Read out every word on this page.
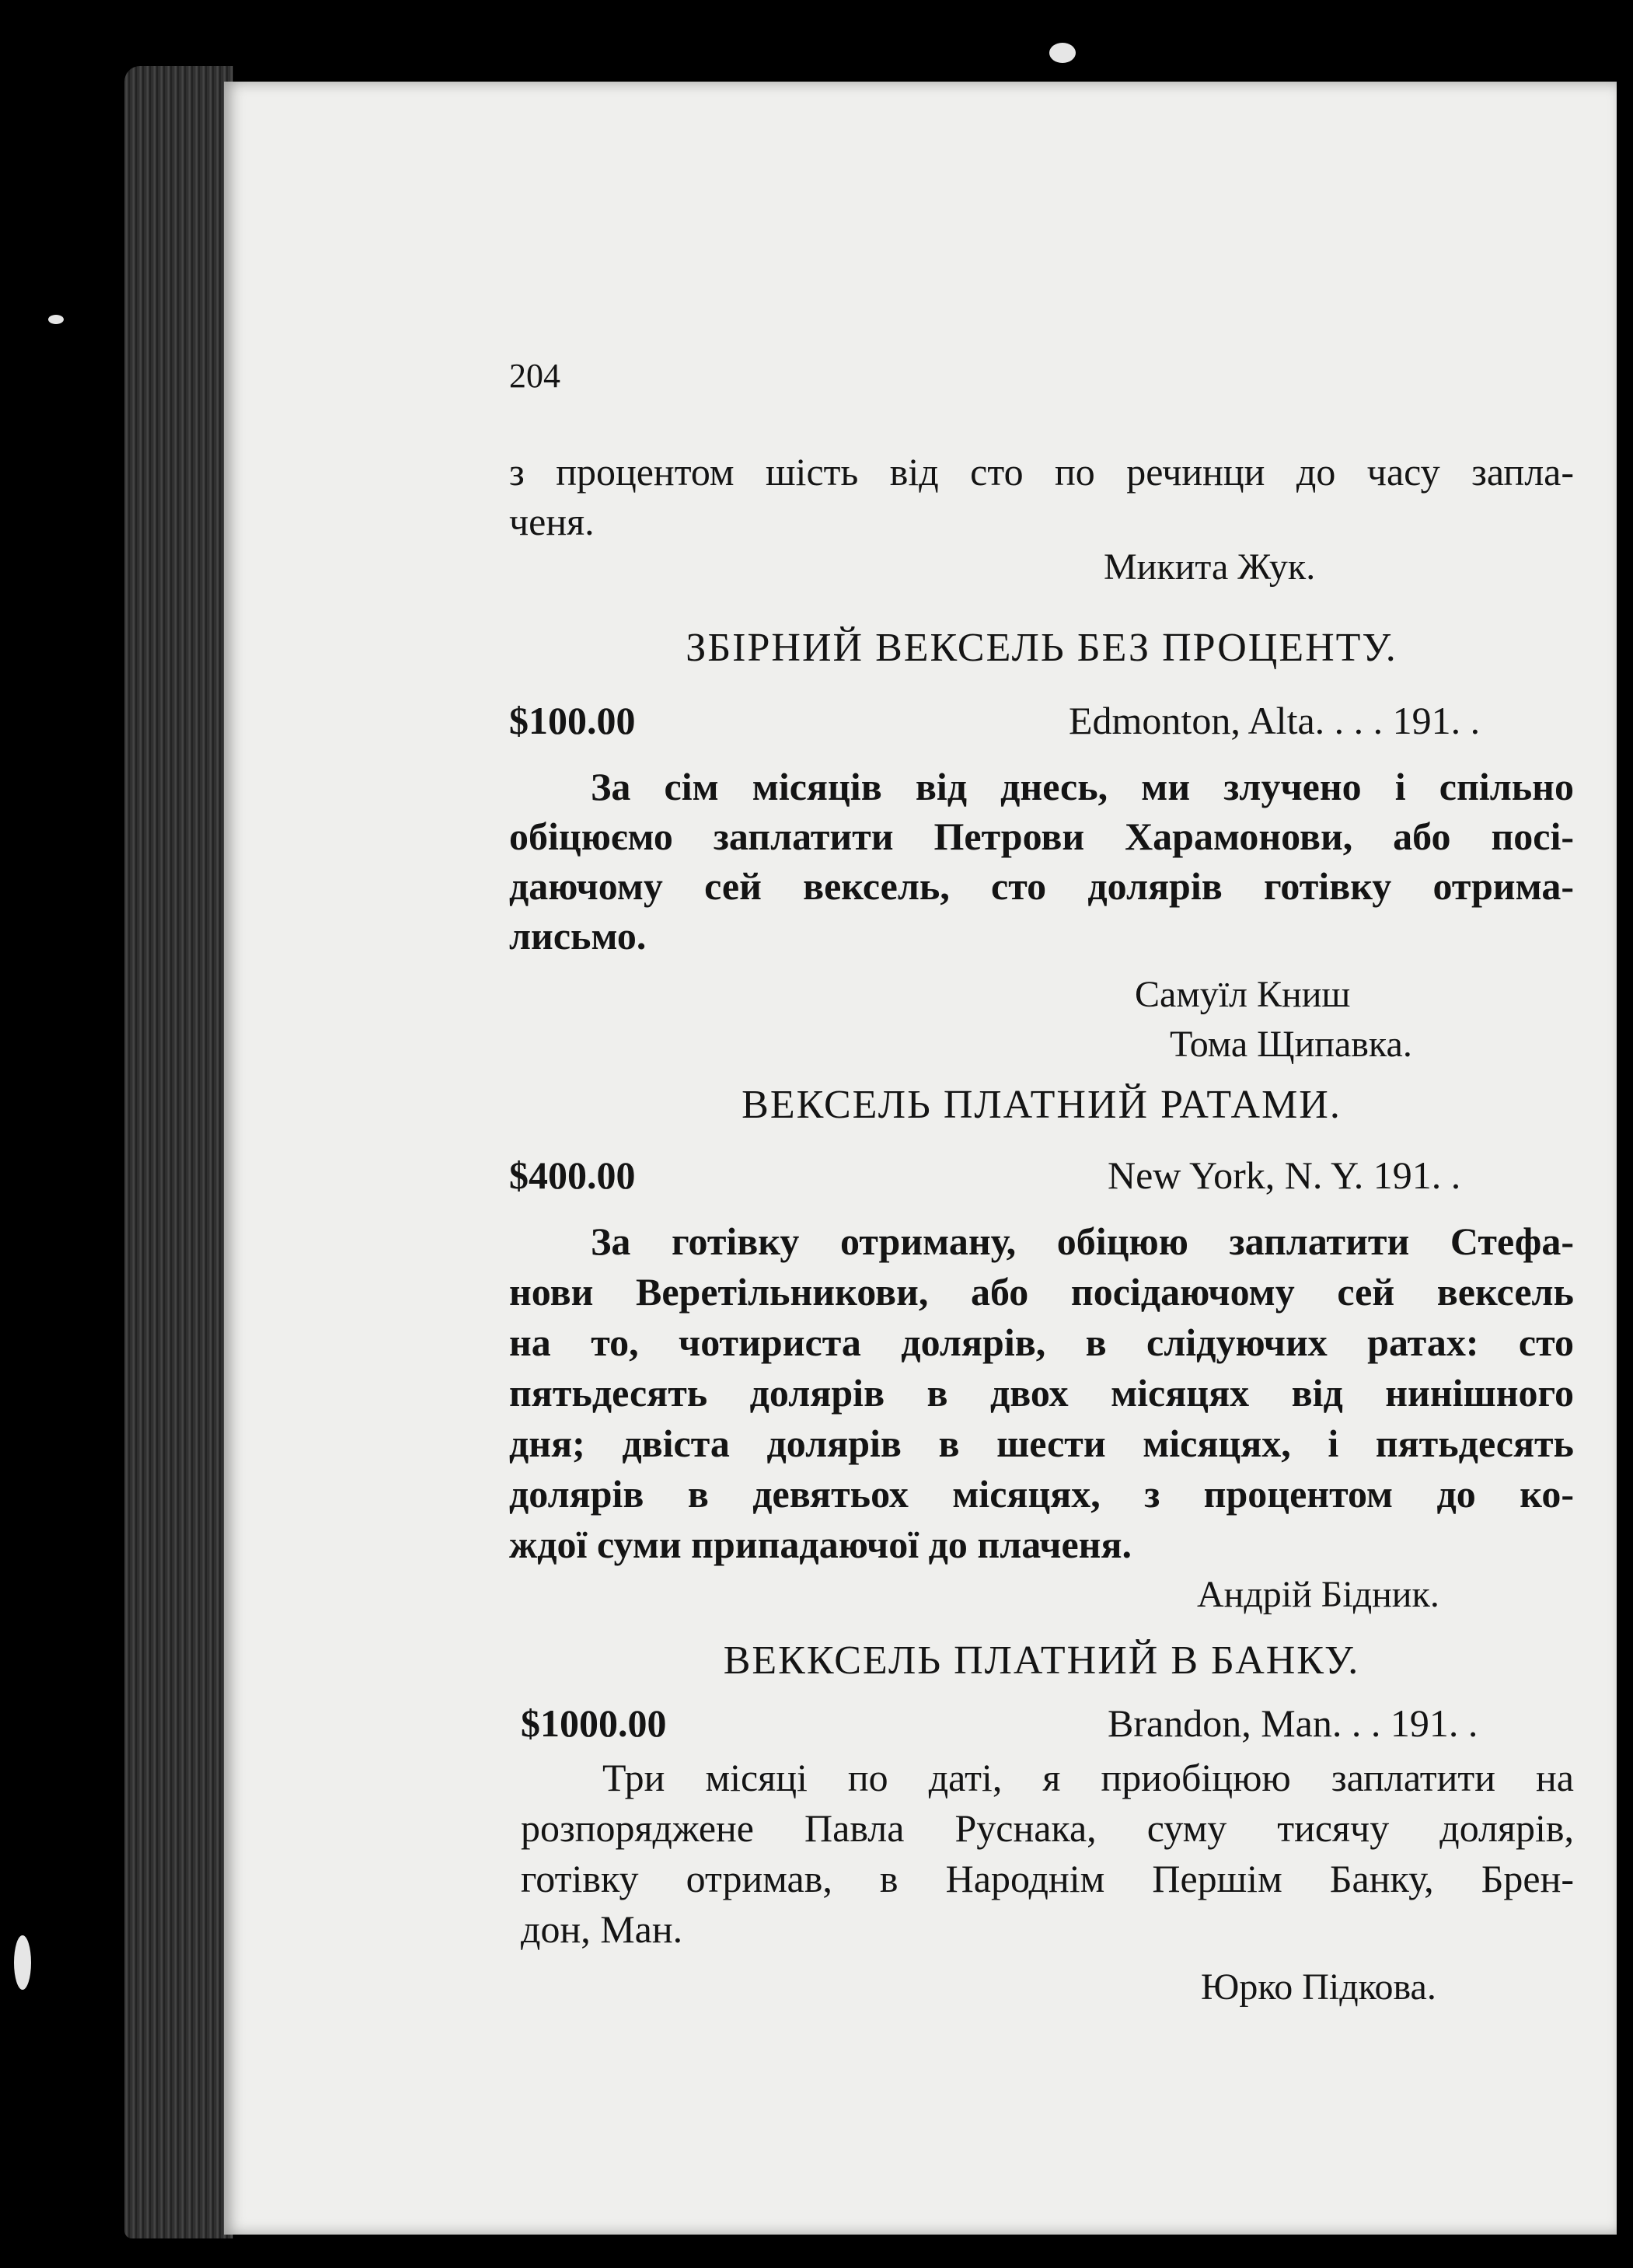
204
з процентом шість від сто по речинци до часу запла-
ченя.
Микита Жук.
ЗБІРНИЙ ВЕКСЕЛЬ БЕЗ ПРОЦЕНТУ.
$100.00	Edmonton, Alta. . . . 191. .
За сім місяців від днесь, ми злучено і спільно
обіцюємо заплатити Петрови Харамонови, або посі-
даючому сей вексель, сто долярів готівку отрима-
лисьмо.
Самуїл Книш
Тома Щипавка.
ВЕКСЕЛЬ ПЛАТНИЙ РАТАМИ.
$400.00	New York, N. Y. 191. .
За готівку отриману, обіцюю заплатити Стефа-
нови Веретільникови, або посідаючому сей вексель
на то, чотириста долярів, в слідуючих ратах: сто
пятьдесять долярів в двох місяцях від нинішного
дня; двіста долярів в шести місяцях, і пятьдесять
долярів в девятьох місяцях, з процентом до ко-
ждої суми припадаючої до плаченя.
Андрій Бідник.
ВЕККСЕЛЬ ПЛАТНИЙ В БАНКУ.
$1000.00	Brandon, Man. . . 191. .
Три місяці по даті, я приобіцюю заплатити на
розпоряджене Павла Руснака, суму тисячу долярів,
готівку отримав, в Народнім Першім Банку, Брен-
дон, Ман.
Юрко Підкова.
